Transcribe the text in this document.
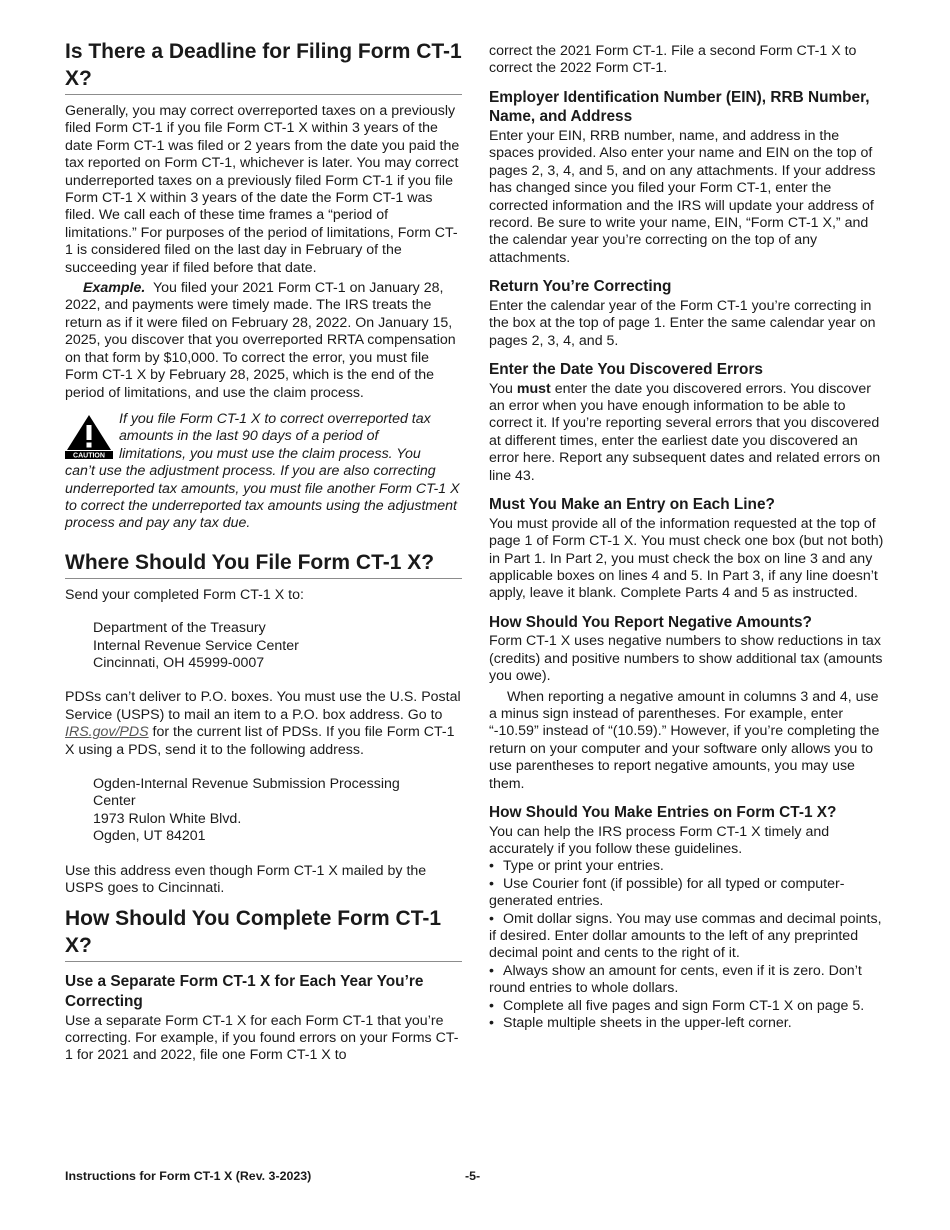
Is There a Deadline for Filing Form CT-1 X?

Generally, you may correct overreported taxes on a previously filed Form CT-1 if you file Form CT-1 X within 3 years of the date Form CT-1 was filed or 2 years from the date you paid the tax reported on Form CT-1, whichever is later. You may correct underreported taxes on a previously filed Form CT-1 if you file Form CT-1 X within 3 years of the date the Form CT-1 was filed. We call each of these time frames a “period of limitations.” For purposes of the period of limitations, Form CT-1 is considered filed on the last day in February of the succeeding year if filed before that date.

Example. You filed your 2021 Form CT-1 on January 28, 2022, and payments were timely made. The IRS treats the return as if it were filed on February 28, 2022. On January 15, 2025, you discover that you overreported RRTA compensation on that form by $10,000. To correct the error, you must file Form CT-1 X by February 28, 2025, which is the end of the period of limitations, and use the claim process.

CAUTION

If you file Form CT-1 X to correct overreported tax

amounts in the last 90 days of a period of

limitations, you must use the claim process. You

can’t use the adjustment process. If you are also correcting underreported tax amounts, you must file another Form CT-1 X to correct the underreported tax amounts using the adjustment process and pay any tax due.

Where Should You File Form CT-1 X?

Send your completed Form CT-1 X to:

Department of the Treasury

Internal Revenue Service Center

Cincinnati, OH 45999-0007

PDSs can’t deliver to P.O. boxes. You must use the U.S. Postal Service (USPS) to mail an item to a P.O. box address. Go to IRS.gov/PDS for the current list of PDSs. If you file Form CT-1 X using a PDS, send it to the following address.

Ogden-Internal Revenue Submission Processing Center

1973 Rulon White Blvd.

Ogden, UT 84201

Use this address even though Form CT-1 X mailed by the USPS goes to Cincinnati.

How Should You Complete Form CT-1 X?
Use a Separate Form CT-1 X for Each Year You’re Correcting

Use a separate Form CT-1 X for each Form CT-1 that you’re correcting. For example, if you found errors on your Forms CT-1 for 2021 and 2022, file one Form CT-1 X to

correct the 2021 Form CT-1. File a second Form CT-1 X to correct the 2022 Form CT-1.

Employer Identification Number (EIN), RRB Number, Name, and Address

Enter your EIN, RRB number, name, and address in the spaces provided. Also enter your name and EIN on the top of pages 2, 3, 4, and 5, and on any attachments. If your address has changed since you filed your Form CT-1, enter the corrected information and the IRS will update your address of record. Be sure to write your name, EIN, “Form CT-1 X,” and the calendar year you’re correcting on the top of any attachments.

Return You’re Correcting

Enter the calendar year of the Form CT-1 you’re correcting in the box at the top of page 1. Enter the same calendar year on pages 2, 3, 4, and 5.

Enter the Date You Discovered Errors

You must enter the date you discovered errors. You discover an error when you have enough information to be able to correct it. If you’re reporting several errors that you discovered at different times, enter the earliest date you discovered an error here. Report any subsequent dates and related errors on line 43.

Must You Make an Entry on Each Line?

You must provide all of the information requested at the top of page 1 of Form CT-1 X. You must check one box (but not both) in Part 1. In Part 2, you must check the box on line 3 and any applicable boxes on lines 4 and 5. In Part 3, if any line doesn’t apply, leave it blank. Complete Parts 4 and 5 as instructed.

How Should You Report Negative Amounts?

Form CT-1 X uses negative numbers to show reductions in tax (credits) and positive numbers to show additional tax (amounts you owe).

When reporting a negative amount in columns 3 and 4, use a minus sign instead of parentheses. For example, enter “-10.59” instead of “(10.59).” However, if you’re completing the return on your computer and your software only allows you to use parentheses to report negative amounts, you may use them.

How Should You Make Entries on Form CT-1 X?

You can help the IRS process Form CT-1 X timely and accurately if you follow these guidelines.

• Type or print your entries.

• Use Courier font (if possible) for all typed or computer-generated entries.

• Omit dollar signs. You may use commas and decimal points, if desired. Enter dollar amounts to the left of any preprinted decimal point and cents to the right of it.

• Always show an amount for cents, even if it is zero. Don’t round entries to whole dollars.

• Complete all five pages and sign Form CT-1 X on page 5.

• Staple multiple sheets in the upper-left corner.

Instructions for Form CT-1 X (Rev. 3-2023)	-5-
